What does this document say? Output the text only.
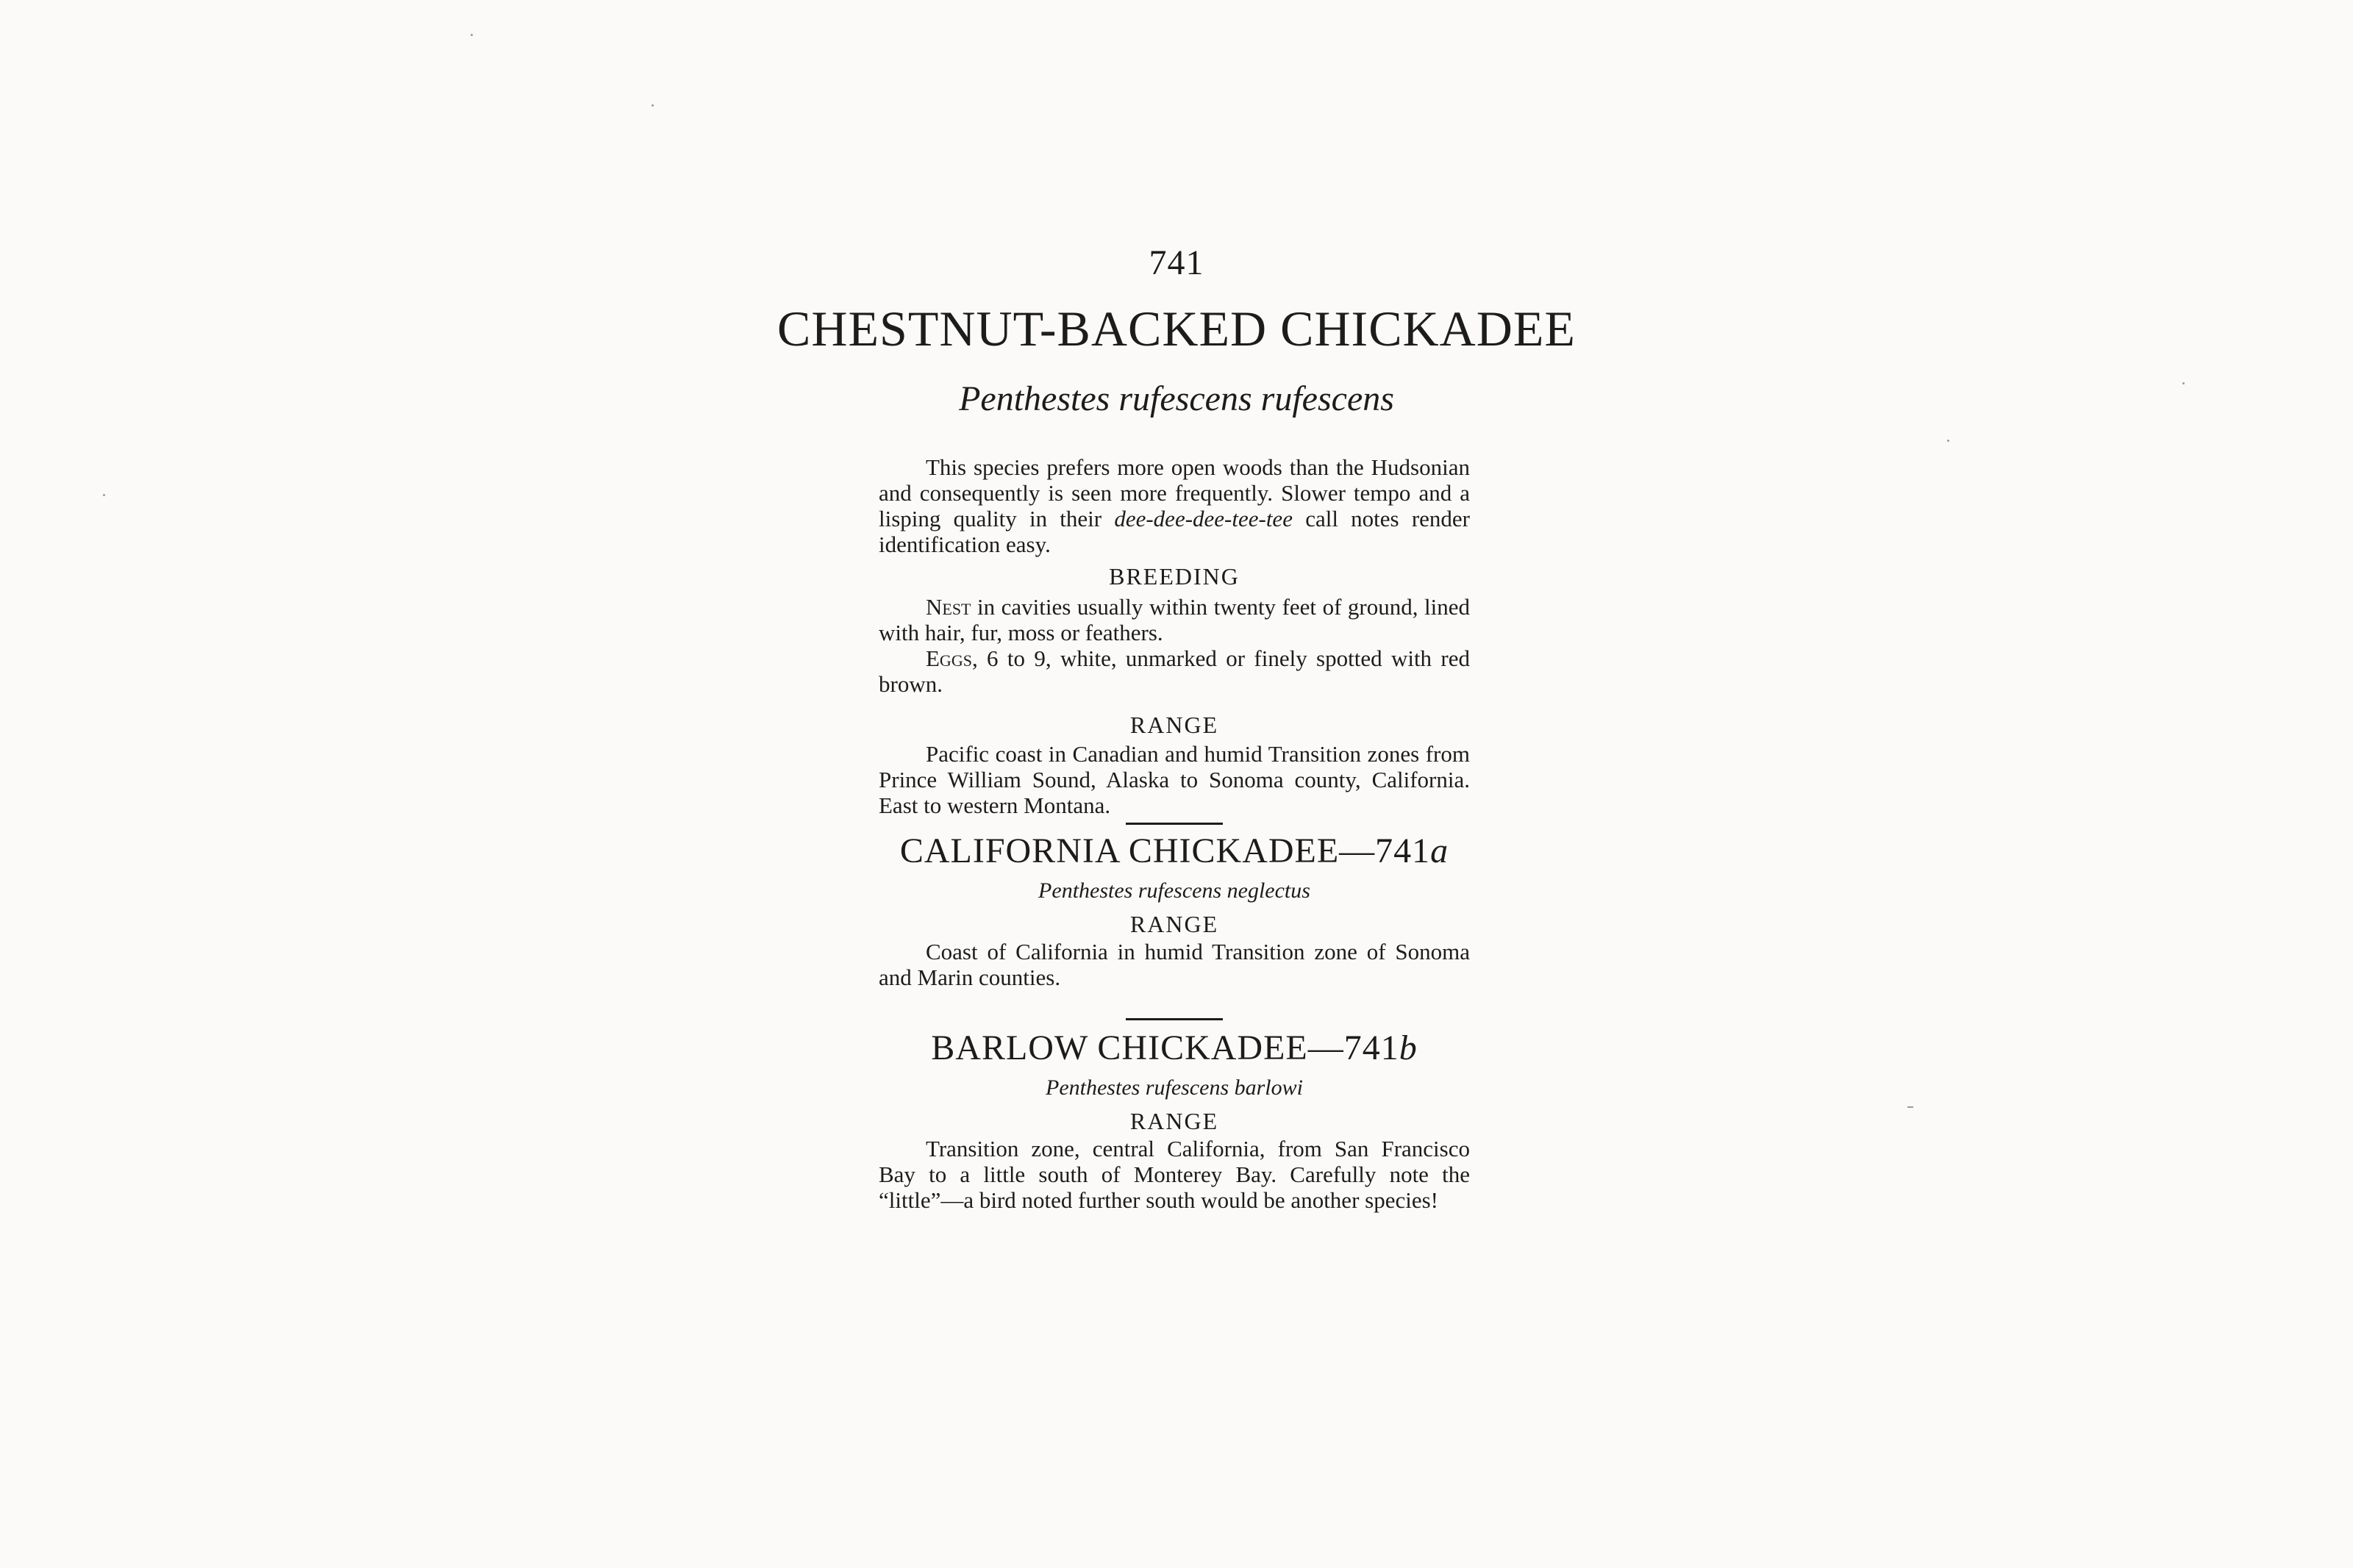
741
CHESTNUT-BACKED CHICKADEE
Penthestes rufescens rufescens

This species prefers more open woods than the Hudsonian and consequently is seen more frequently. Slower tempo and a lisping quality in their dee-dee-dee-tee-tee call notes render identification easy.

BREEDING

Nest in cavities usually within twenty feet of ground, lined with hair, fur, moss or feathers.

Eggs, 6 to 9, white, unmarked or finely spotted with red brown.

RANGE

Pacific coast in Canadian and humid Transition zones from Prince William Sound, Alaska to Sonoma county, California. East to western Montana.

CALIFORNIA CHICKADEE—741a

Penthestes rufescens neglectus

RANGE

Coast of California in humid Transition zone of Sonoma and Marin counties.

BARLOW CHICKADEE—741b

Penthestes rufescens barlowi

RANGE

Transition zone, central California, from San Francisco Bay to a little south of Monterey Bay. Carefully note the “little”—a bird noted further south would be another species!
